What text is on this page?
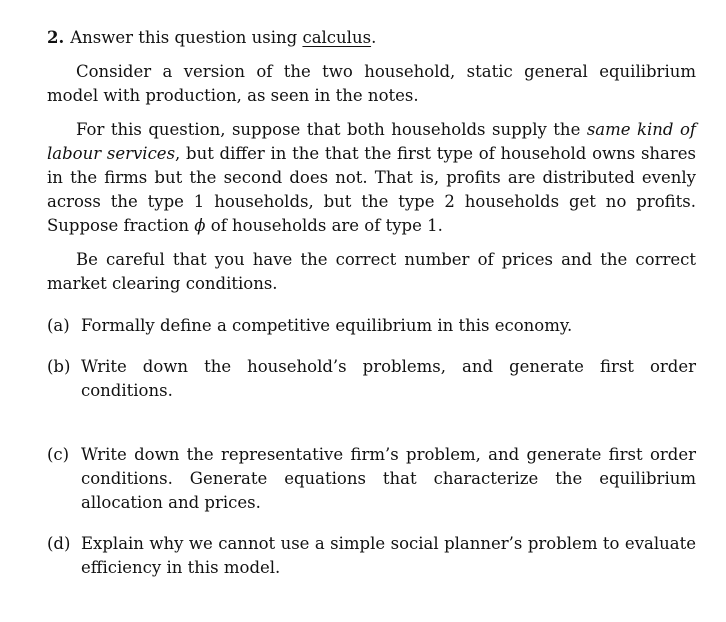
2. Answer this question using calculus.

Consider a version of the two household, static general equilibrium model with production, as seen in the notes.

For this question, suppose that both households supply the same kind of labour services, but differ in the that the first type of household owns shares in the firms but the second does not. That is, profits are distributed evenly across the type 1 households, but the type 2 households get no profits. Suppose fraction ϕ of households are of type 1.

Be careful that you have the correct number of prices and the correct market clearing conditions.

(a) Formally define a competitive equilibrium in this economy.
(b) Write down the household’s problems, and generate first order conditions.
(c) Write down the representative firm’s problem, and generate first order conditions. Generate equations that characterize the equilibrium allocation and prices.
(d) Explain why we cannot use a simple social planner’s problem to evaluate efficiency in this model.
